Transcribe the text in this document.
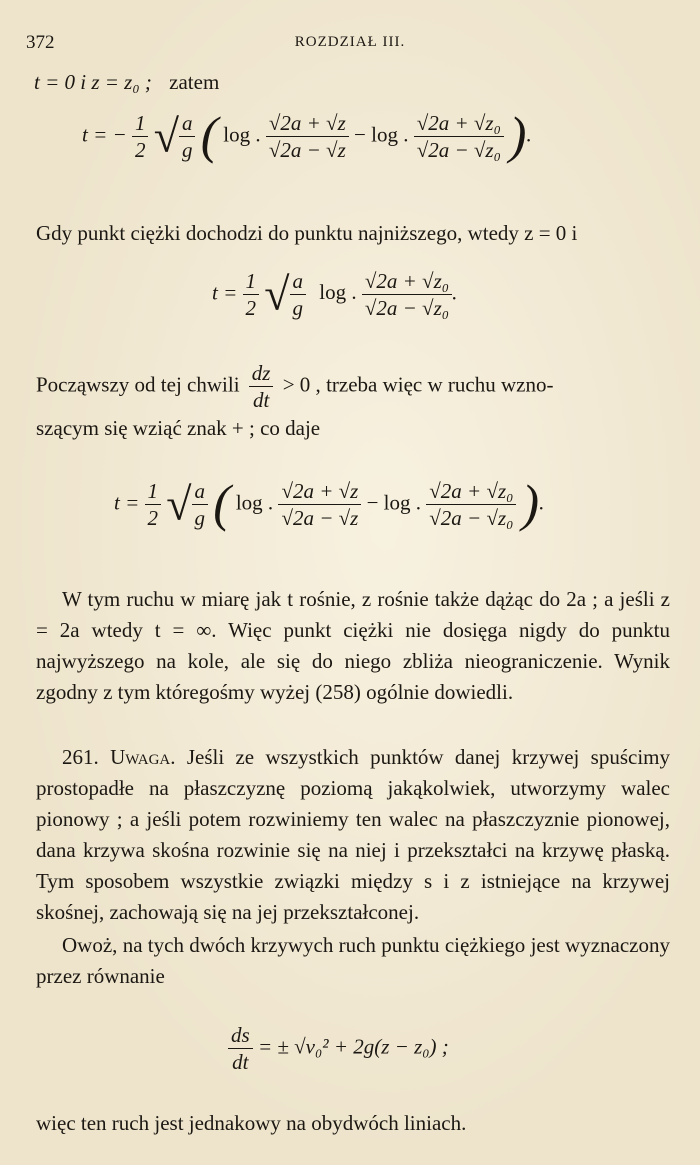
372	ROZDZIAŁ III.
t = 0 i z = z₀ ; zatem
t = − $\frac{1}{2}$ √ $\frac{a}{g}$ ( log . $\frac{√2a + √z}{√2a - √z} - \log$ . $\frac{\text{√2a + √z₀}}{\text{√2a − √z₀}}$ ).
Gdy punkt ciężki dochodzi do punktu najniższego, wtedy z = 0 i
$t = \frac{1}{2}$ √ $\frac{a}{g}$ log . $\frac{\text{√2a + √z₀}}{\text{√2a − √z₀}}$ .
Począwszy od tej chwili $\frac{dz}{dt} > 0$ , trzeba więc w ruchu wzno-
szącym się wziąć znak + ; co daje
$t = \frac{1}{2}$ √ $\frac{a}{g}$ ( log . $\frac{√2a + √z}{√2a - √z} - \log$ . $\frac{\text{√2a + √z₀}}{\text{√2a − √z₀}}$ ).
W tym ruchu w miarę jak t rośnie, z rośnie także dążąc do 2a ; a jeśli z = 2a wtedy t = ∞. Więc punkt ciężki nie dosięga nigdy do punktu najwyższego na kole, ale się do niego zbliża nieograniczenie. Wynik zgodny z tym któregośmy wyżej (258) ogólnie dowiedli.
261. Uwaga. Jeśli ze wszystkich punktów danej krzywej spuścimy prostopadłe na płaszczyznę poziomą jakąkolwiek, utworzymy walec pionowy ; a jeśli potem rozwiniemy ten walec na płaszczyznie pionowej, dana krzywa skośna rozwinie się na niej i przekształci na krzywę płaską. Tym sposobem wszystkie związki między s i z istniejące na krzywej skośnej, zachowają się na jej przekształconej.
Owoż, na tych dwóch krzywych ruch punktu ciężkiego jest wyznaczony przez równanie
$\frac{ds}{dt}$ = ± √v₀² + 2g(z − z₀) ;
więc ten ruch jest jednakowy na obydwóch liniach.
